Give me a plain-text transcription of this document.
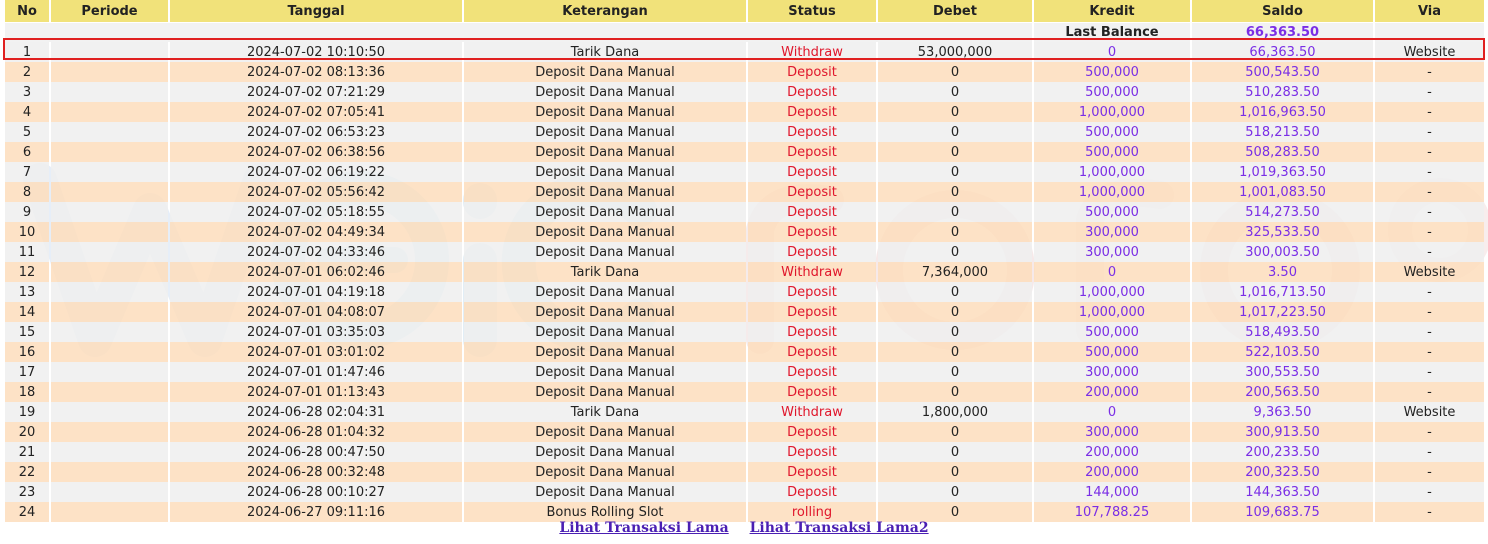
No	Periode	Tanggal	Keterangan	Status	Debet	Kredit	Saldo	Via
						Last Balance	66,363.50	
1		2024-07-02 10:10:50	Tarik Dana	Withdraw	53,000,000	0	66,363.50	Website
2		2024-07-02 08:13:36	Deposit Dana Manual	Deposit	0	500,000	500,543.50	-
3		2024-07-02 07:21:29	Deposit Dana Manual	Deposit	0	500,000	510,283.50	-
4		2024-07-02 07:05:41	Deposit Dana Manual	Deposit	0	1,000,000	1,016,963.50	-
5		2024-07-02 06:53:23	Deposit Dana Manual	Deposit	0	500,000	518,213.50	-
6		2024-07-02 06:38:56	Deposit Dana Manual	Deposit	0	500,000	508,283.50	-
7		2024-07-02 06:19:22	Deposit Dana Manual	Deposit	0	1,000,000	1,019,363.50	-
8		2024-07-02 05:56:42	Deposit Dana Manual	Deposit	0	1,000,000	1,001,083.50	-
9		2024-07-02 05:18:55	Deposit Dana Manual	Deposit	0	500,000	514,273.50	-
10		2024-07-02 04:49:34	Deposit Dana Manual	Deposit	0	300,000	325,533.50	-
11		2024-07-02 04:33:46	Deposit Dana Manual	Deposit	0	300,000	300,003.50	-
12		2024-07-01 06:02:46	Tarik Dana	Withdraw	7,364,000	0	3.50	Website
13		2024-07-01 04:19:18	Deposit Dana Manual	Deposit	0	1,000,000	1,016,713.50	-
14		2024-07-01 04:08:07	Deposit Dana Manual	Deposit	0	1,000,000	1,017,223.50	-
15		2024-07-01 03:35:03	Deposit Dana Manual	Deposit	0	500,000	518,493.50	-
16		2024-07-01 03:01:02	Deposit Dana Manual	Deposit	0	500,000	522,103.50	-
17		2024-07-01 01:47:46	Deposit Dana Manual	Deposit	0	300,000	300,553.50	-
18		2024-07-01 01:13:43	Deposit Dana Manual	Deposit	0	200,000	200,563.50	-
19		2024-06-28 02:04:31	Tarik Dana	Withdraw	1,800,000	0	9,363.50	Website
20		2024-06-28 01:04:32	Deposit Dana Manual	Deposit	0	300,000	300,913.50	-
21		2024-06-28 00:47:50	Deposit Dana Manual	Deposit	0	200,000	200,233.50	-
22		2024-06-28 00:32:48	Deposit Dana Manual	Deposit	0	200,000	200,323.50	-
23		2024-06-28 00:10:27	Deposit Dana Manual	Deposit	0	144,000	144,363.50	-
24		2024-06-27 09:11:16	Bonus Rolling Slot	rolling	0	107,788.25	109,683.75	-
Lihat Transaksi Lama Lihat Transaksi Lama2
